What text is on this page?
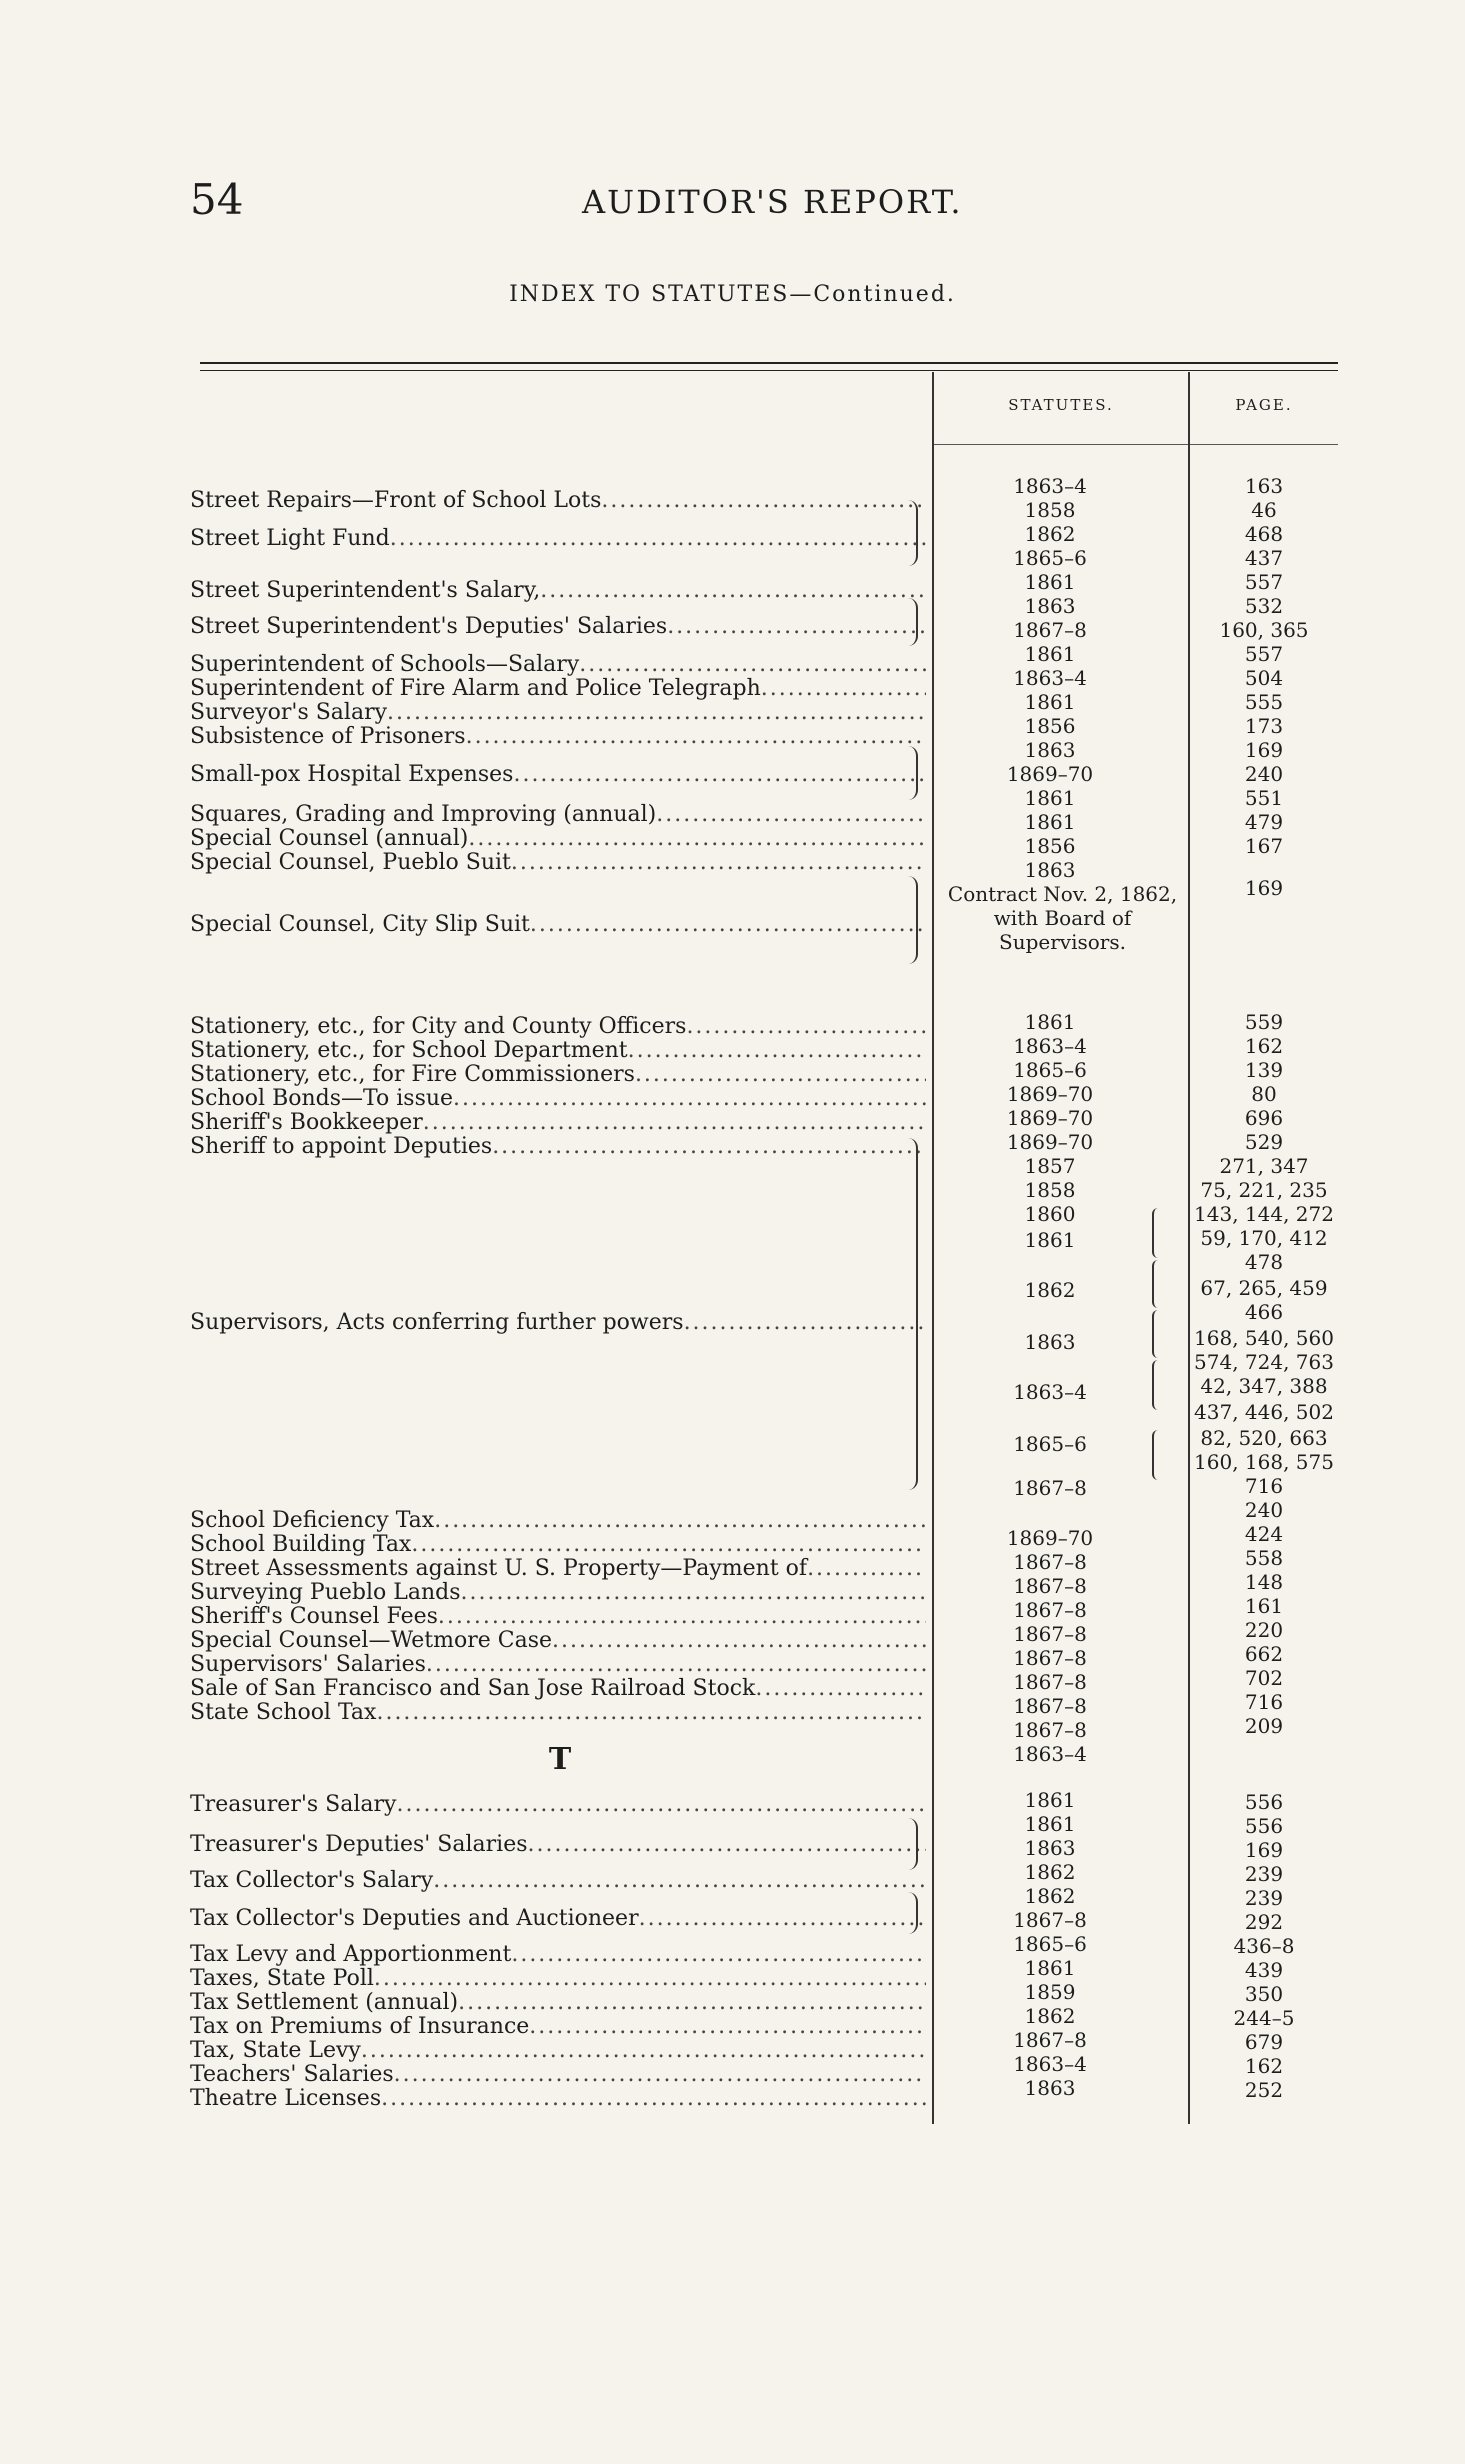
54	AUDITOR'S REPORT.
INDEX TO STATUTES—Continued.
STATUTES.	PAGE.
T
Street Repairs—Front of School Lots
.....
Street Light Fund
.....
Street Superintendent's Salary,
.....
Street Superintendent's Deputies' Salaries
.....
Superintendent of Schools—Salary
.....
Superintendent of Fire Alarm and Police Telegraph
.....
Surveyor's Salary
.....
Subsistence of Prisoners
.....
Small-pox Hospital Expenses
.....
Squares, Grading and Improving (annual)
.....
Special Counsel (annual)
.....
Special Counsel, Pueblo Suit
.....
Special Counsel, City Slip Suit
.....
Stationery, etc., for City and County Officers
.....
Stationery, etc., for School Department
.....
Stationery, etc., for Fire Commissioners
.....
School Bonds—To issue
.....
Sheriff's Bookkeeper
.....
Sheriff to appoint Deputies
.....
Supervisors, Acts conferring further powers
.....
School Deficiency Tax
.....
School Building Tax
.....
Street Assessments against U. S. Property—Payment of
.....
Surveying Pueblo Lands
.....
Sheriff's Counsel Fees
.....
Special Counsel—Wetmore Case
.....
Supervisors' Salaries
.....
Sale of San Francisco and San Jose Railroad Stock
.....
State School Tax
.....
Treasurer's Salary
.....
Treasurer's Deputies' Salaries
.....
Tax Collector's Salary
.....
Tax Collector's Deputies and Auctioneer
.....
Tax Levy and Apportionment
.....
Taxes, State Poll
.....
Tax Settlement (annual)
.....
Tax on Premiums of Insurance
.....
Tax, State Levy
.....
Teachers' Salaries
.....
Theatre Licenses
.....
1863–4
1858
1862
1865–6
1861
1863
1867–8
1861
1863–4
1861
1856
1863
1869–70
1861
1861
1856
1863
Contract Nov. 2, 1862, with Board of Supervisors.
1861
1863–4
1865–6
1869–70
1869–70
1869–70
1857
1858
1860
1861
1862
1863
1863–4
1865–6
1867–8
1869–70
1867–8
1867–8
1867–8
1867–8
1867–8
1867–8
1867–8
1867–8
1863–4
1861
1861
1863
1862
1862
1867–8
1865–6
1861
1859
1862
1867–8
1863–4
1863
163
46
468
437
557
532
160, 365
557
504
555
173
169
240
551
479
167
169
559
162
139
80
696
529
271, 347
75, 221, 235
143, 144, 272
59, 170, 412
478
67, 265, 459
466
168, 540, 560
574, 724, 763
42, 347, 388
437, 446, 502
82, 520, 663
160, 168, 575
716
240
424
558
148
161
220
662
702
716
209
556
556
169
239
239
292
436–8
439
350
244–5
679
162
252
